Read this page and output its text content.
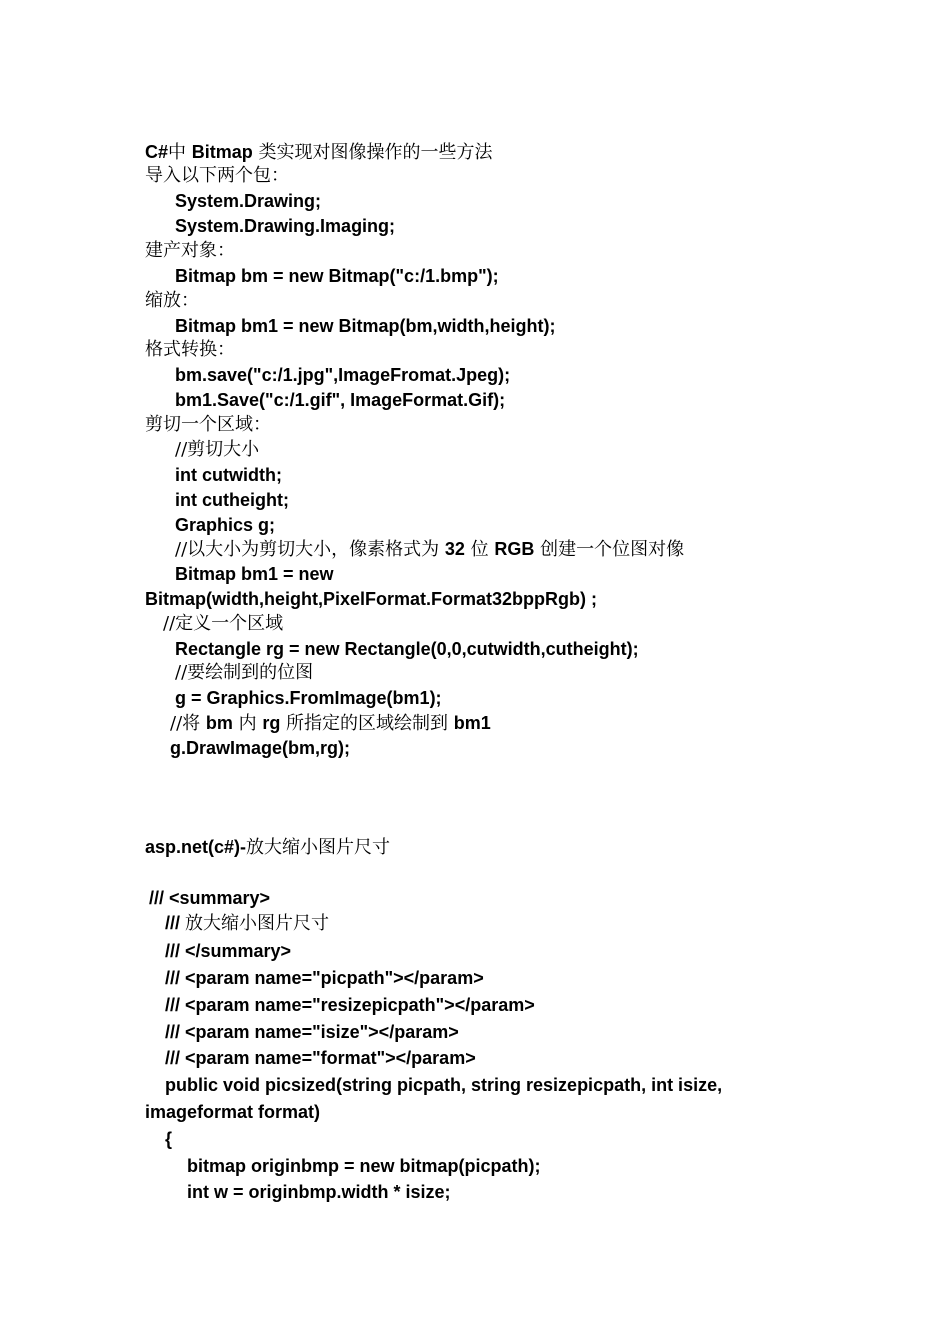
C#中 Bitmap 类实现对图像操作的一些方法
导入以下两个包：
System.Drawing;
System.Drawing.Imaging;
建产对象：
Bitmap bm = new Bitmap("c:/1.bmp");
缩放：
Bitmap bm1 = new Bitmap(bm,width,height);
格式转换：
bm.save("c:/1.jpg",ImageFromat.Jpeg);
bm1.Save("c:/1.gif", ImageFormat.Gif);
剪切一个区域：
//剪切大小
int cutwidth;
int cutheight;
Graphics g;
//以大小为剪切大小，像素格式为 32 位 RGB 创建一个位图对像
Bitmap bm1 = new
Bitmap(width,height,PixelFormat.Format32bppRgb) ;
//定义一个区域
Rectangle rg = new Rectangle(0,0,cutwidth,cutheight);
//要绘制到的位图
g = Graphics.FromImage(bm1);
//将 bm 内 rg 所指定的区域绘制到 bm1
g.DrawImage(bm,rg);
asp.net(c#)-放大缩小图片尺寸
/// <summary>
/// 放大缩小图片尺寸
/// </summary>
/// <param name="picpath"></param>
/// <param name="resizepicpath"></param>
/// <param name="isize"></param>
/// <param name="format"></param>
public void picsized(string picpath, string resizepicpath, int isize,
imageformat format)
{
bitmap originbmp = new bitmap(picpath);
int w = originbmp.width * isize;
